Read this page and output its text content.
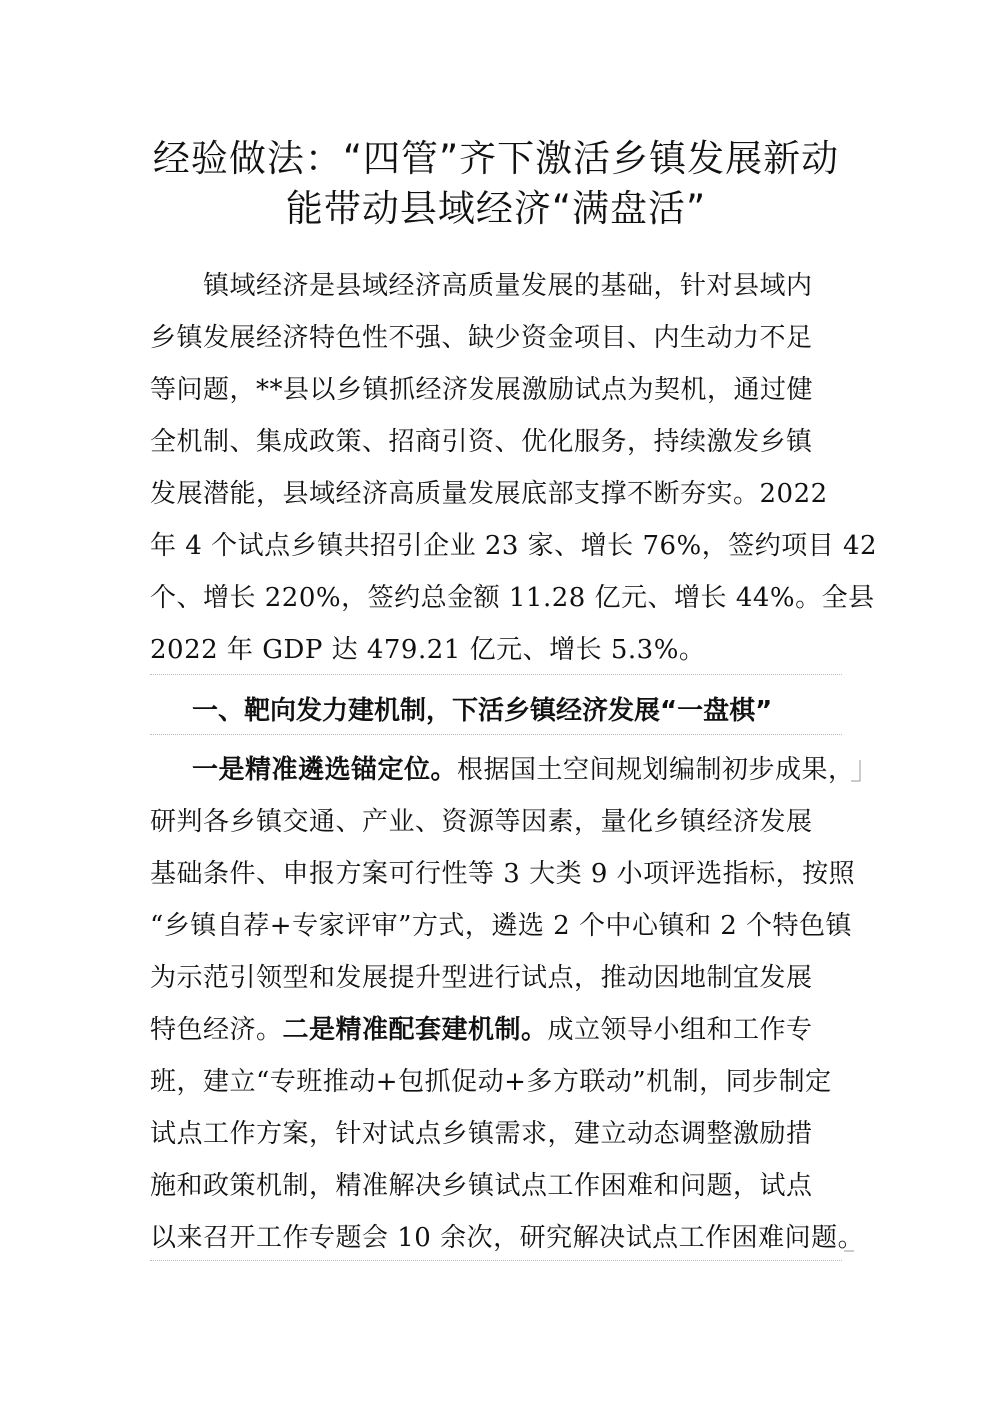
经验做法：“四管”齐下激活乡镇发展新动
能带动县域经济“满盘活”
镇域经济是县域经济高质量发展的基础，针对县域内
乡镇发展经济特色性不强、缺少资金项目、内生动力不足
等问题，**县以乡镇抓经济发展激励试点为契机，通过健
全机制、集成政策、招商引资、优化服务，持续激发乡镇
发展潜能，县域经济高质量发展底部支撑不断夯实。2022
年 4 个试点乡镇共招引企业 23 家、增长 76%，签约项目 42
个、增长 220%，签约总金额 11.28 亿元、增长 44%。全县
2022 年 GDP 达 479.21 亿元、增长 5.3%。
一、靶向发力建机制，下活乡镇经济发展“一盘棋”
一是精准遴选锚定位。根据国土空间规划编制初步成果，
研判各乡镇交通、产业、资源等因素，量化乡镇经济发展
基础条件、申报方案可行性等 3 大类 9 小项评选指标，按照
“乡镇自荐+专家评审”方式，遴选 2 个中心镇和 2 个特色镇
为示范引领型和发展提升型进行试点，推动因地制宜发展
特色经济。二是精准配套建机制。成立领导小组和工作专
班，建立“专班推动+包抓促动+多方联动”机制，同步制定
试点工作方案，针对试点乡镇需求，建立动态调整激励措
施和政策机制，精准解决乡镇试点工作困难和问题，试点
以来召开工作专题会 10 余次，研究解决试点工作困难问题。
